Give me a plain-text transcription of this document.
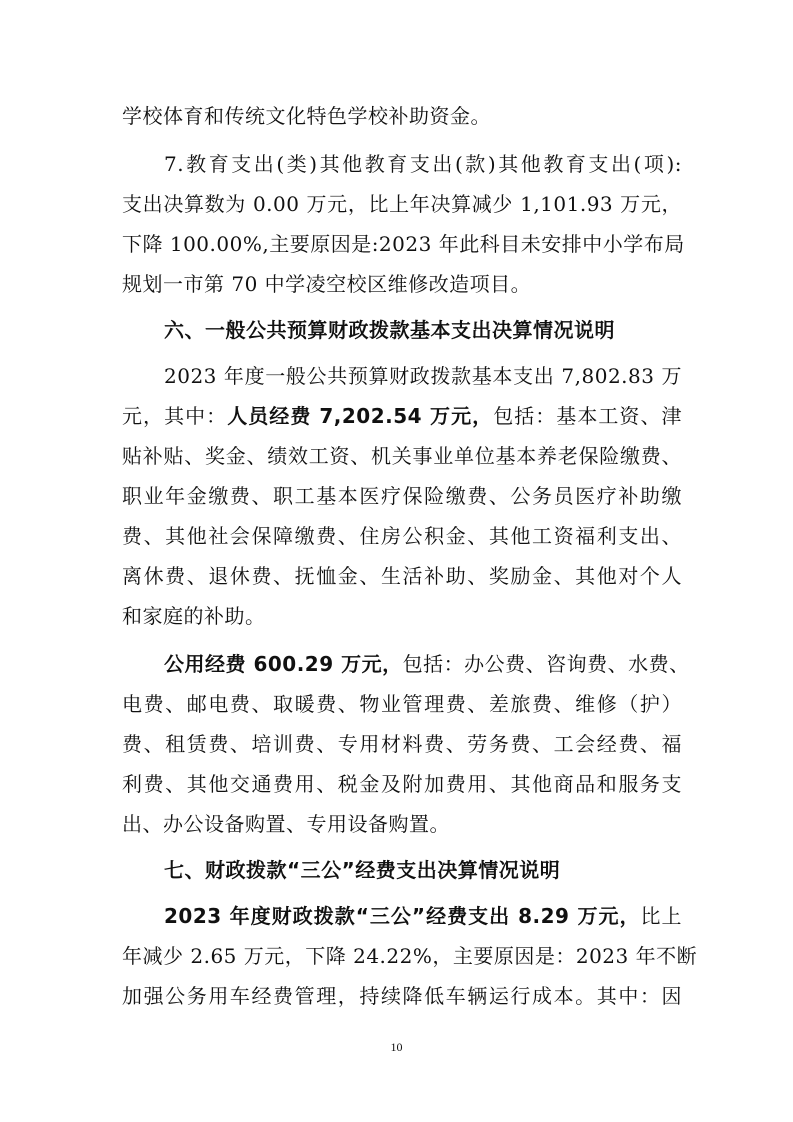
学校体育和传统文化特色学校补助资金。
7.教育支出(类)其他教育支出(款)其他教育支出(项):
支出决算数为 0.00 万元，比上年决算减少 1,101.93 万元，
下降 100.00%,主要原因是:2023 年此科目未安排中小学布局
规划一市第 70 中学凌空校区维修改造项目。
六、一般公共预算财政拨款基本支出决算情况说明
2023 年度一般公共预算财政拨款基本支出 7,802.83 万
元，其中：人员经费 7,202.54 万元，包括：基本工资、津
贴补贴、奖金、绩效工资、机关事业单位基本养老保险缴费、
职业年金缴费、职工基本医疗保险缴费、公务员医疗补助缴
费、其他社会保障缴费、住房公积金、其他工资福利支出、
离休费、退休费、抚恤金、生活补助、奖励金、其他对个人
和家庭的补助。
公用经费 600.29 万元，包括：办公费、咨询费、水费、
电费、邮电费、取暖费、物业管理费、差旅费、维修（护）
费、租赁费、培训费、专用材料费、劳务费、工会经费、福
利费、其他交通费用、税金及附加费用、其他商品和服务支
出、办公设备购置、专用设备购置。
七、财政拨款“三公”经费支出决算情况说明
2023 年度财政拨款“三公”经费支出 8.29 万元，比上
年减少 2.65 万元，下降 24.22%，主要原因是：2023 年不断
加强公务用车经费管理，持续降低车辆运行成本。其中：因
10
